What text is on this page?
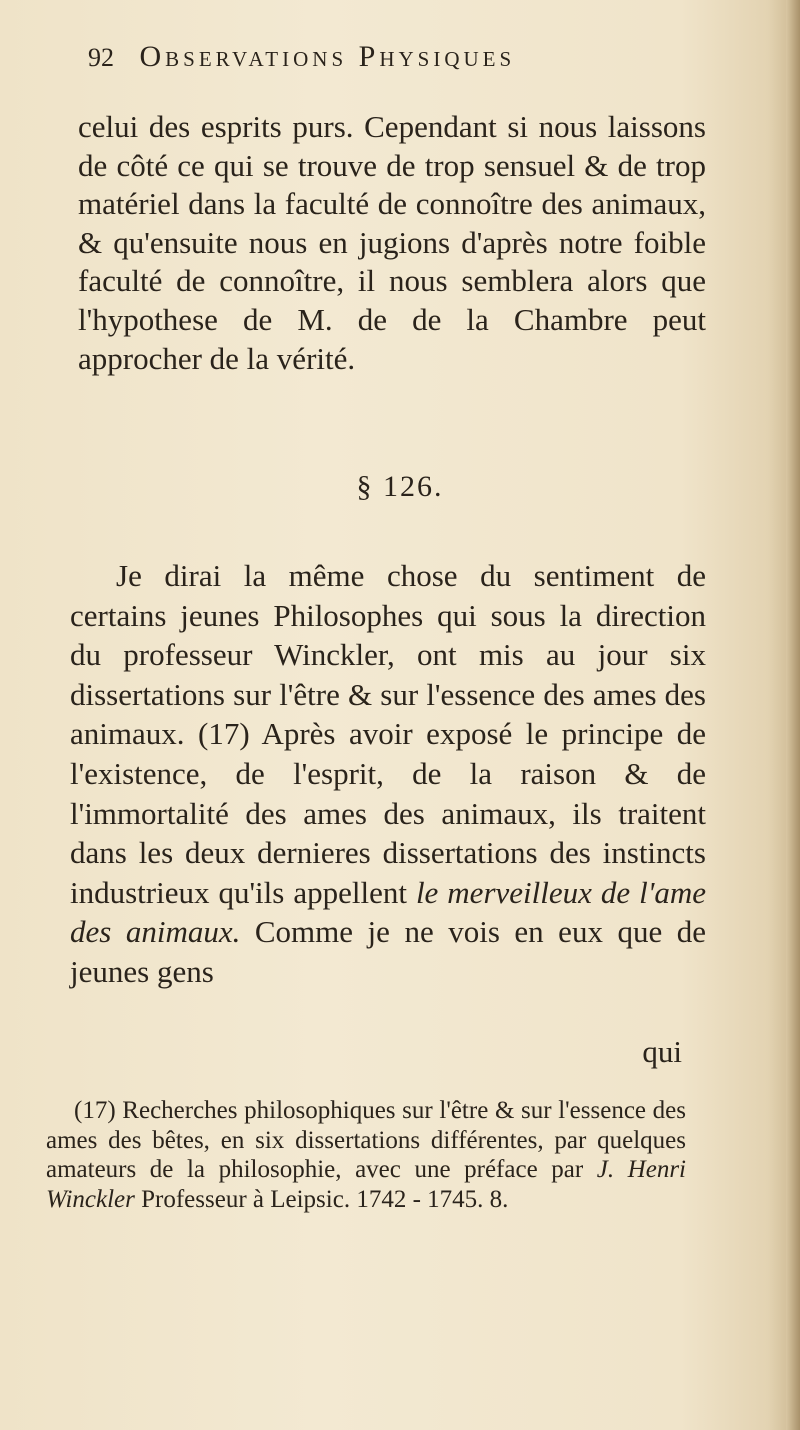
92 Observations Physiques

celui des esprits purs. Cependant si nous laissons de côté ce qui se trouve de trop sensuel & de trop matériel dans la faculté de connoître des animaux, & qu'ensuite nous en jugions d'après notre foible faculté de connoître, il nous semblera alors que l'hypothese de M. de de la Chambre peut approcher de la vérité.

§ 126.
Je dirai la même chose du sentiment de certains jeunes Philosophes qui sous la direction du professeur Winckler, ont mis au jour six dissertations sur l'être & sur l'essence des ames des animaux. (17) Après avoir exposé le principe de l'existence, de l'esprit, de la raison & de l'immortalité des ames des animaux, ils traitent dans les deux dernieres dissertations des instincts industrieux qu'ils appellent le merveilleux de l'ame des animaux. Comme je ne vois en eux que de jeunes gens
qui
(17) Recherches philosophiques sur l'être & sur l'essence des ames des bêtes, en six dissertations différentes, par quelques amateurs de la philosophie, avec une préface par J. Henri Winckler Professeur à Leipsic. 1742 - 1745. 8.
